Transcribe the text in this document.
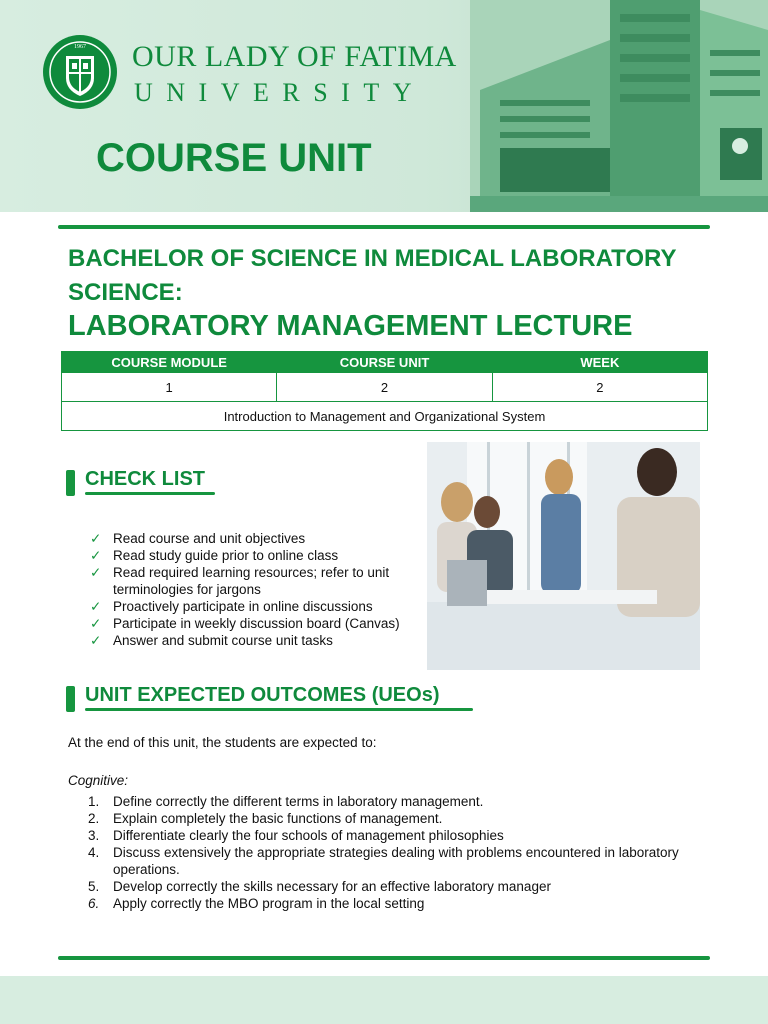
1967 OUR LADY OF FATIMA
UNIVERSITY
COURSE UNIT
BACHELOR OF SCIENCE IN MEDICAL LABORATORY SCIENCE:
LABORATORY MANAGEMENT LECTURE
COURSE MODULE	COURSE UNIT	WEEK
1	2	2
Introduction to Management and Organizational System		
CHECK LIST
✓ Read course and unit objectives
✓ Read study guide prior to online class
✓ Read required learning resources; refer to unit terminologies for jargons
✓ Proactively participate in online discussions
✓ Participate in weekly discussion board (Canvas)
✓ Answer and submit course unit tasks
UNIT EXPECTED OUTCOMES (UEOs)
At the end of this unit, the students are expected to:
Cognitive:
1. Define correctly the different terms in laboratory management.
2. Explain completely the basic functions of management.
3. Differentiate clearly the four schools of management philosophies
4. Discuss extensively the appropriate strategies dealing with problems encountered in laboratory operations.
5. Develop correctly the skills necessary for an effective laboratory manager
6. Apply correctly the MBO program in the local setting
